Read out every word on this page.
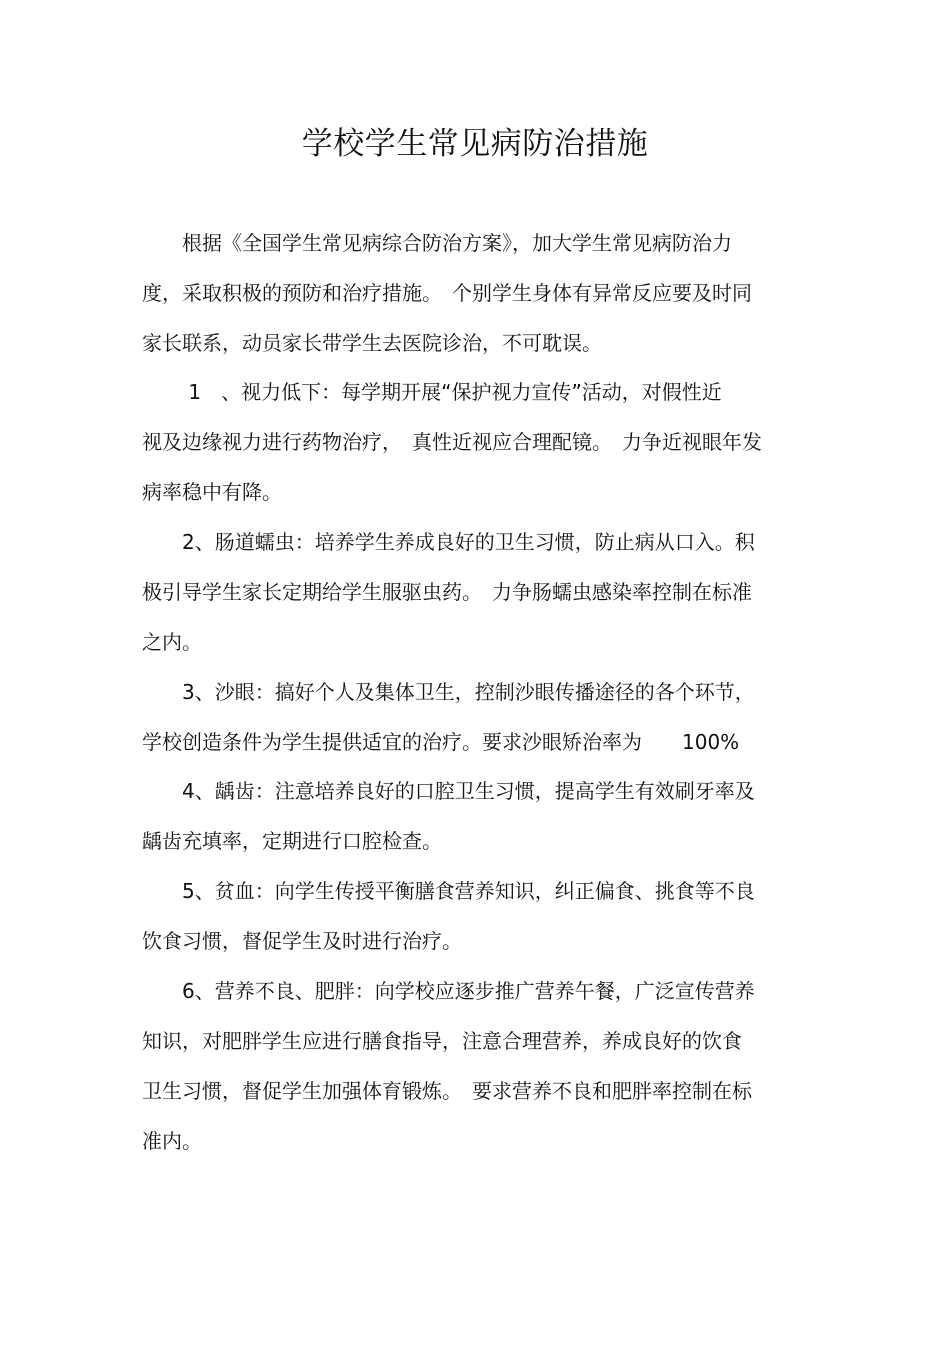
学校学生常见病防治措施
　　根据《全国学生常见病综合防治方案》，加大学生常见病防治力
度，采取积极的预防和治疗措施。　个别学生身体有异常反应要及时同
家长联系，动员家长带学生去医院诊治，不可耽误。
　　 1　、视力低下：每学期开展“保护视力宣传”活动，对假性近
视及边缘视力进行药物治疗，　真性近视应合理配镜。　力争近视眼年发
病率稳中有降。
　　2、肠道蠕虫：培养学生养成良好的卫生习惯，防止病从口入。积
极引导学生家长定期给学生服驱虫药。　力争肠蠕虫感染率控制在标准
之内。
　　3、沙眼：搞好个人及集体卫生，控制沙眼传播途径的各个环节，
学校创造条件为学生提供适宜的治疗。要求沙眼矫治率为　　100%
　　4、龋齿：注意培养良好的口腔卫生习惯，提高学生有效刷牙率及
龋齿充填率，定期进行口腔检查。
　　5、贫血：向学生传授平衡膳食营养知识，纠正偏食、挑食等不良
饮食习惯，督促学生及时进行治疗。
　　6、营养不良、肥胖：向学校应逐步推广营养午餐，广泛宣传营养
知识，对肥胖学生应进行膳食指导，注意合理营养，养成良好的饮食
卫生习惯，督促学生加强体育锻炼。　要求营养不良和肥胖率控制在标
准内。
